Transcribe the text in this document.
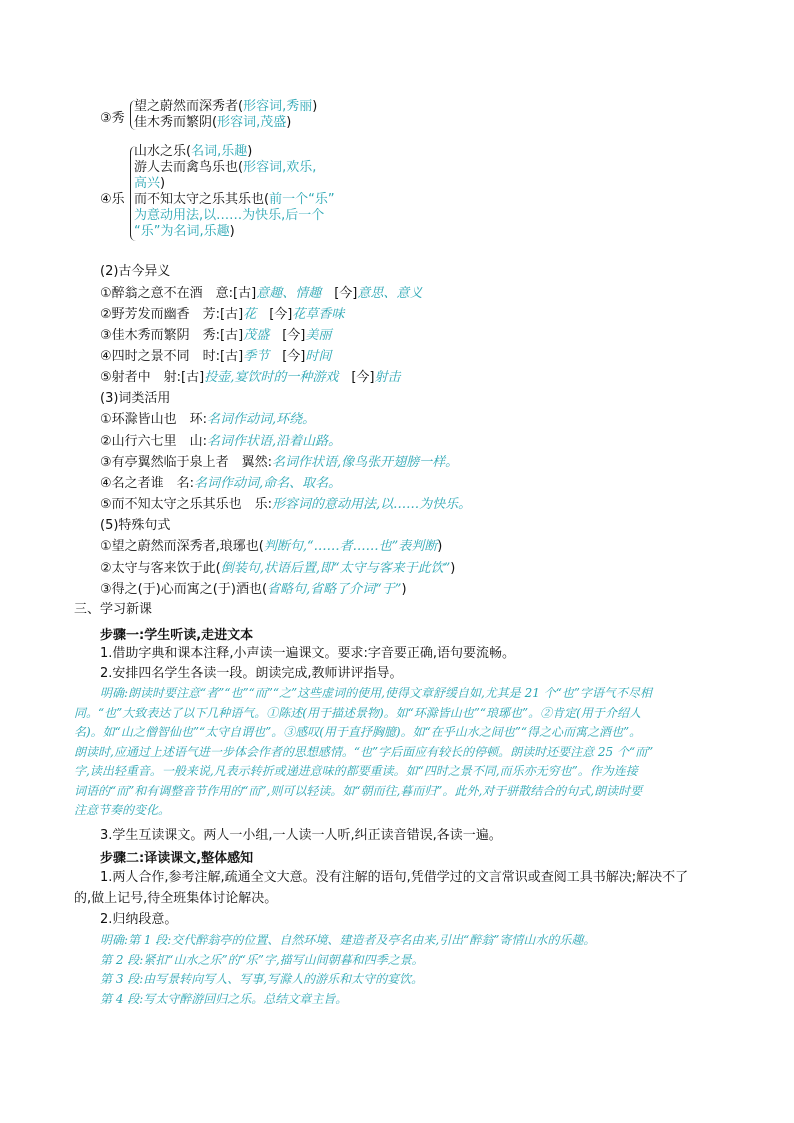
③秀
望之蔚然而深秀者(形容词,秀丽)
佳木秀而繁阴(形容词,茂盛)
④乐
山水之乐(名词,乐趣)
游人去而禽鸟乐也(形容词,欢乐,
高兴)
而不知太守之乐其乐也(前一个“乐”
为意动用法,以……为快乐,后一个
“乐”为名词,乐趣)
(2)古今异义
①醉翁之意不在酒　意:[古]意趣、情趣　[今]意思、意义
②野芳发而幽香　芳:[古]花　[今]花草香味
③佳木秀而繁阴　秀:[古]茂盛　[今]美丽
④四时之景不同　时:[古]季节　[今]时间
⑤射者中　射:[古]投壶,宴饮时的一种游戏　[今]射击
(3)词类活用
①环滁皆山也　环:名词作动词,环绕。
②山行六七里　山:名词作状语,沿着山路。
③有亭翼然临于泉上者　翼然:名词作状语,像鸟张开翅膀一样。
④名之者谁　名:名词作动词,命名、取名。
⑤而不知太守之乐其乐也　乐:形容词的意动用法,以……为快乐。
(5)特殊句式
①望之蔚然而深秀者,琅琊也(判断句,“……者……也”表判断)
②太守与客来饮于此(倒装句,状语后置,即“太守与客来于此饮”)
③得之(于)心而寓之(于)酒也(省略句,省略了介词“于”)
三、学习新课
步骤一:学生听读,走进文本
1.借助字典和课本注释,小声读一遍课文。要求:字音要正确,语句要流畅。
2.安排四名学生各读一段。朗读完成,教师讲评指导。
明确:朗读时要注意“者”“也”“而”“之”这些虚词的使用,使得文章舒缓自如,尤其是 21 个“也”字语气不尽相
同。“也”大致表达了以下几种语气。①陈述(用于描述景物)。如“环滁皆山也”“琅琊也”。②肯定(用于介绍人
名)。如“山之僧智仙也”“太守自谓也”。③感叹(用于直抒胸臆)。如“在乎山水之间也”“得之心而寓之酒也”。
朗读时,应通过上述语气进一步体会作者的思想感情。“也”字后面应有较长的停顿。朗读时还要注意 25 个“而”
字,读出轻重音。一般来说,凡表示转折或递进意味的都要重读。如“四时之景不同,而乐亦无穷也”。作为连接
词语的“而”和有调整音节作用的“而”,则可以轻读。如“朝而往,暮而归”。此外,对于骈散结合的句式,朗读时要
注意节奏的变化。
3.学生互读课文。两人一小组,一人读一人听,纠正读音错误,各读一遍。
步骤二:译读课文,整体感知
1.两人合作,参考注解,疏通全文大意。没有注解的语句,凭借学过的文言常识或查阅工具书解决;解决不了
的,做上记号,待全班集体讨论解决。
2.归纳段意。
明确:第 1 段:交代醉翁亭的位置、自然环境、建造者及亭名由来,引出“醉翁”寄情山水的乐趣。
第 2 段:紧扣“山水之乐”的“乐”字,描写山间朝暮和四季之景。
第 3 段:由写景转向写人、写事,写滁人的游乐和太守的宴饮。
第 4 段:写太守醉游回归之乐。总结文章主旨。
